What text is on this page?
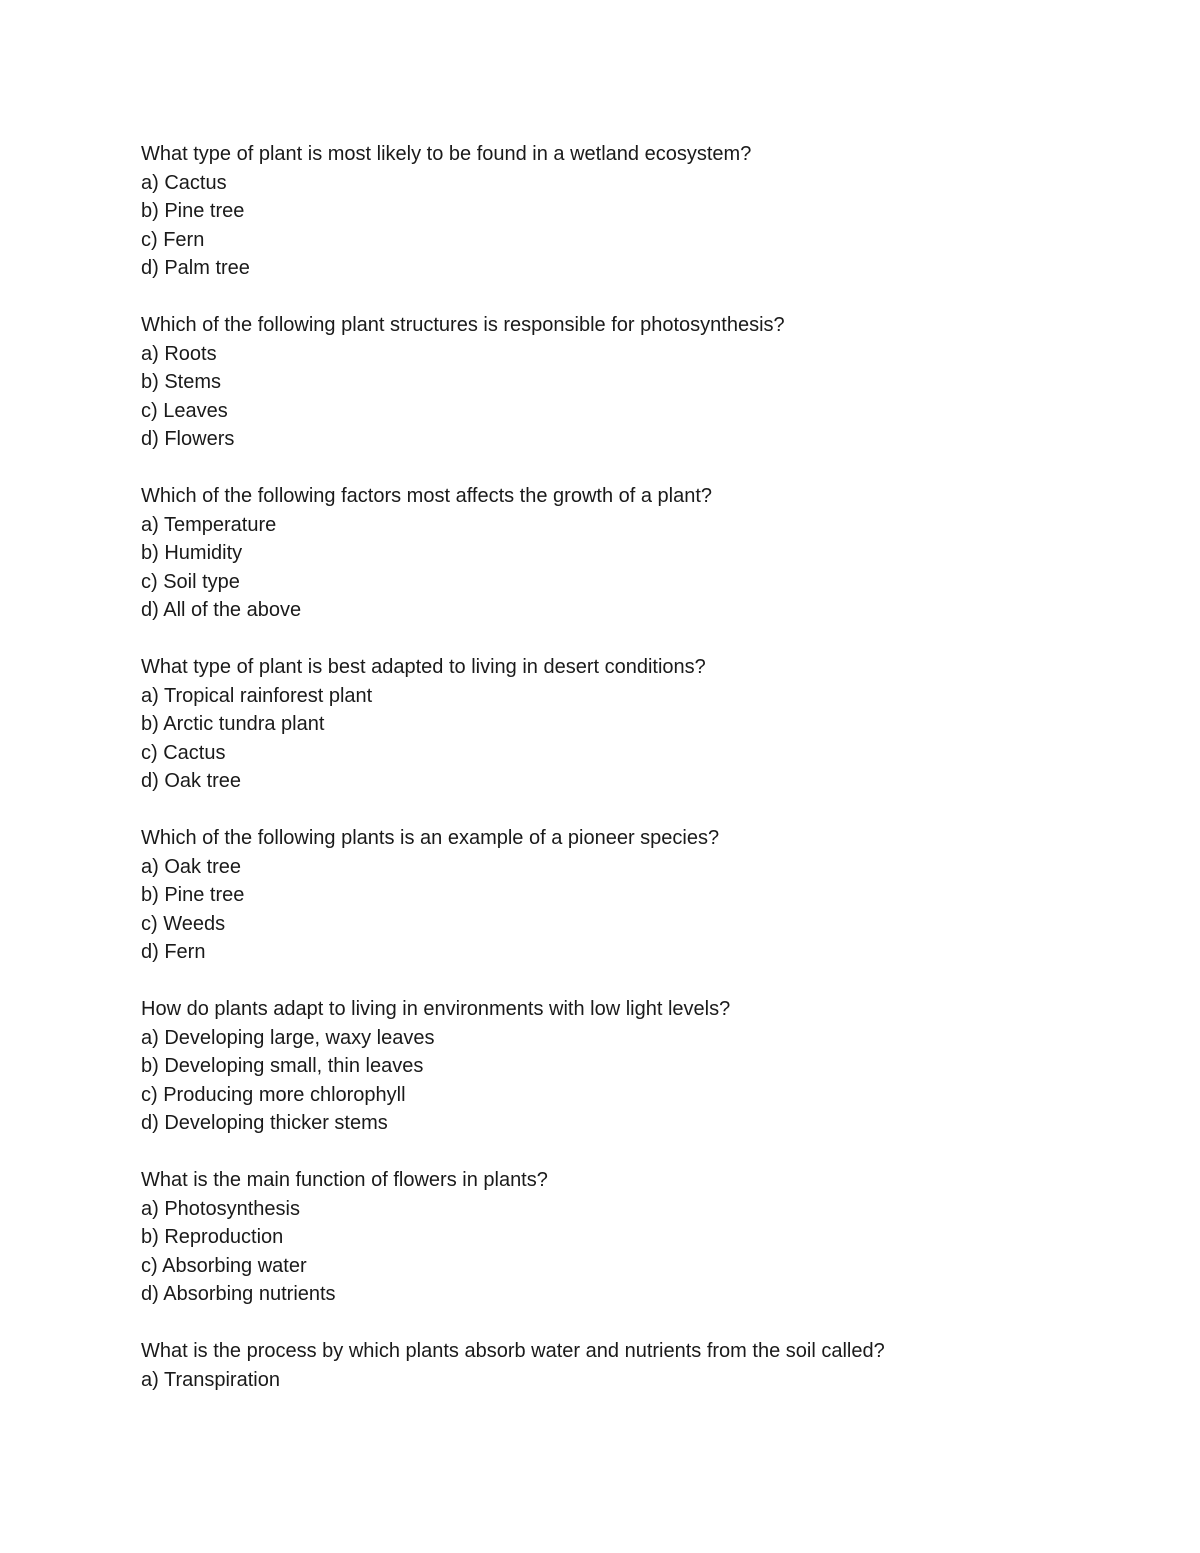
What type of plant is most likely to be found in a wetland ecosystem?
a) Cactus
b) Pine tree
c) Fern
d) Palm tree
Which of the following plant structures is responsible for photosynthesis?
a) Roots
b) Stems
c) Leaves
d) Flowers
Which of the following factors most affects the growth of a plant?
a) Temperature
b) Humidity
c) Soil type
d) All of the above
What type of plant is best adapted to living in desert conditions?
a) Tropical rainforest plant
b) Arctic tundra plant
c) Cactus
d) Oak tree
Which of the following plants is an example of a pioneer species?
a) Oak tree
b) Pine tree
c) Weeds
d) Fern
How do plants adapt to living in environments with low light levels?
a) Developing large, waxy leaves
b) Developing small, thin leaves
c) Producing more chlorophyll
d) Developing thicker stems
What is the main function of flowers in plants?
a) Photosynthesis
b) Reproduction
c) Absorbing water
d) Absorbing nutrients
What is the process by which plants absorb water and nutrients from the soil called?
a) Transpiration
